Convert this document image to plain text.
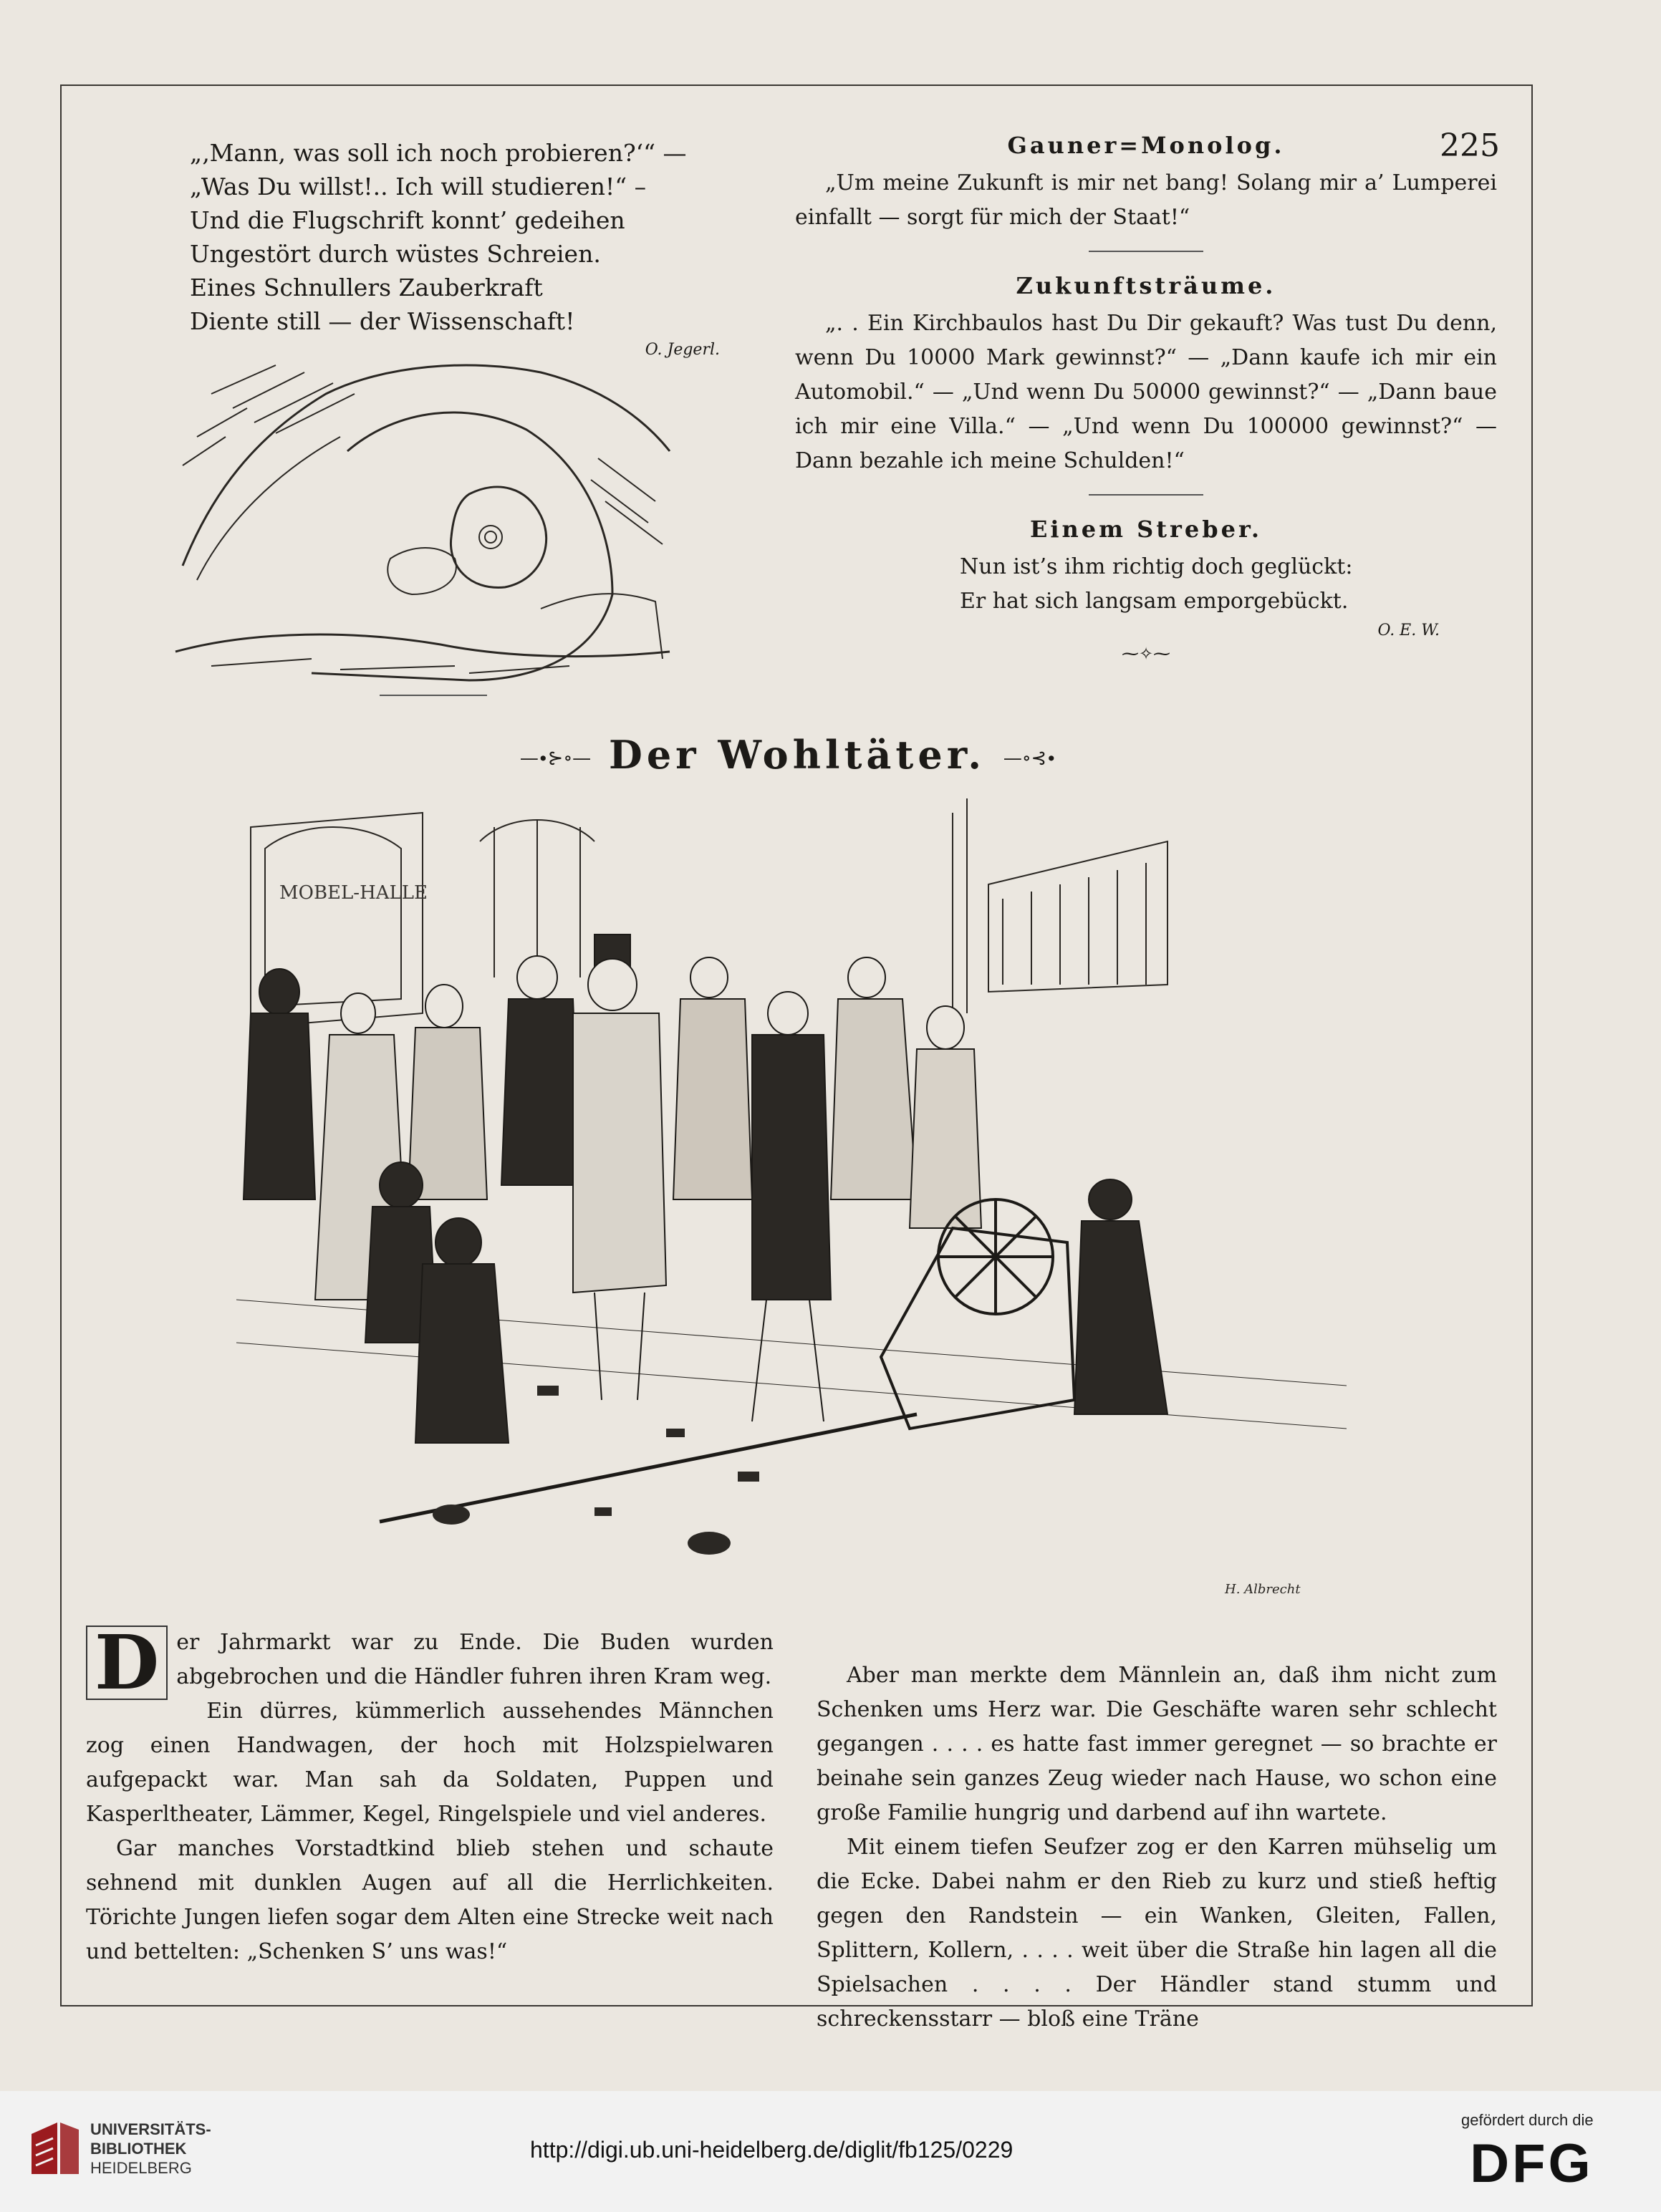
225
„‚Mann, was soll ich noch probieren?‘“ —
„Was Du willst!.. Ich will studieren!“ –
Und die Flugschrift konnt’ gedeihen
Ungestört durch wüstes Schreien.
Eines Schnullers Zauberkraft
Diente still — der Wissenschaft!
O. Jegerl.
Gauner=Monolog.
„Um meine Zukunft is mir net bang! Solang mir a’ Lumperei einfallt — sorgt für mich der Staat!“
Zukunftsträume.
„. . Ein Kirchbaulos hast Du Dir gekauft? Was tust Du denn, wenn Du 10000 Mark gewinnst?“ — „Dann kaufe ich mir ein Automobil.“ — „Und wenn Du 50000 gewinnst?“ — „Dann baue ich mir eine Villa.“ — „Und wenn Du 100000 gewinnst?“ — Dann bezahle ich meine Schulden!“
Einem Streber.
Nun ist’s ihm richtig doch geglückt:
Er hat sich langsam emporgebückt.
O. E. W.
⁓✧⁓
—∙⊱∘— Der Wohltäter. —∘⊰∙
MOBEL-HALLE
H. Albrecht
D er Jahrmarkt war zu Ende. Die Buden wurden abgebrochen und die Händler fuhren ihren Kram weg.

Ein dürres, kümmerlich aussehendes Männchen zog einen Handwagen, der hoch mit Holzspielwaren aufgepackt war. Man sah da Soldaten, Puppen und Kasperltheater, Lämmer, Kegel, Ringelspiele und viel anderes.

Gar manches Vorstadtkind blieb stehen und schaute sehnend mit dunklen Augen auf all die Herrlichkeiten. Törichte Jungen liefen sogar dem Alten eine Strecke weit nach und bettelten: „Schenken S’ uns was!“

Aber man merkte dem Männlein an, daß ihm nicht zum Schenken ums Herz war. Die Geschäfte waren sehr schlecht gegangen . . . . es hatte fast immer geregnet — so brachte er beinahe sein ganzes Zeug wieder nach Hause, wo schon eine große Familie hungrig und darbend auf ihn wartete.

Mit einem tiefen Seufzer zog er den Karren mühselig um die Ecke. Dabei nahm er den Rieb zu kurz und stieß heftig gegen den Randstein — ein Wanken, Gleiten, Fallen, Splittern, Kollern, . . . . weit über die Straße hin lagen all die Spielsachen . . . . Der Händler stand stumm und schreckensstarr — bloß eine Träne

UNIVERSITÄTS-
BIBLIOTHEK
HEIDELBERG
http://digi.ub.uni-heidelberg.de/diglit/fb125/0229
gefördert durch die
DFG
